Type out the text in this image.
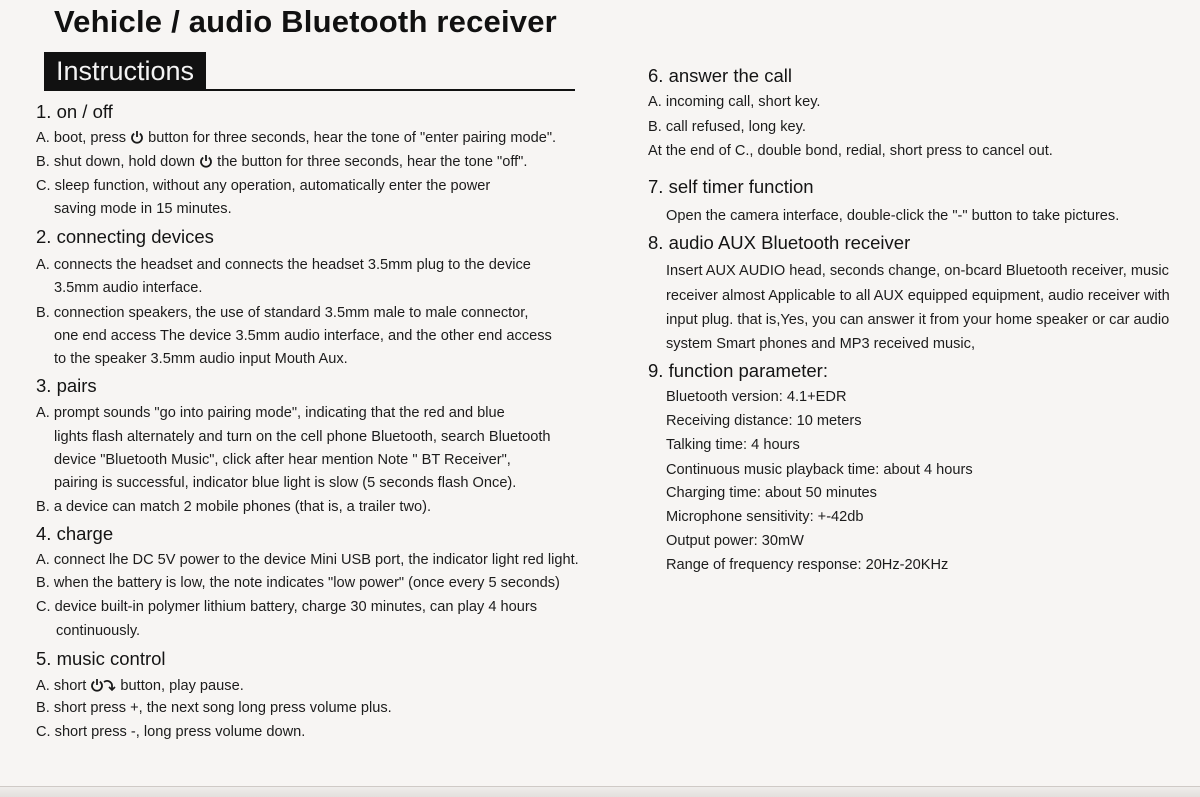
Vehicle / audio Bluetooth receiver
Instructions
1. on / off
A. boot, press button for three seconds, hear the tone of "enter pairing mode".
B. shut down, hold down the button for three seconds, hear the tone "off".
C. sleep function, without any operation, automatically enter the power
saving mode in 15 minutes.
2. connecting devices
A. connects the headset and connects the headset 3.5mm plug to the device
3.5mm audio interface.
B. connection speakers, the use of standard 3.5mm male to male connector,
one end access The device 3.5mm audio interface, and the other end access
to the speaker 3.5mm audio input Mouth Aux.
3. pairs
A. prompt sounds "go into pairing mode", indicating that the red and blue
lights flash alternately and turn on the cell phone Bluetooth, search Bluetooth
device "Bluetooth Music", click after hear mention Note " BT Receiver",
pairing is successful, indicator blue light is slow (5 seconds flash Once).
B. a device can match 2 mobile phones (that is, a trailer two).
4. charge
A. connect lhe DC 5V power to the device Mini USB port, the indicator light red light.
B. when the battery is low, the note indicates "low power" (once every 5 seconds)
C. device built-in polymer lithium battery, charge 30 minutes, can play 4 hours
continuously.
5. music control
A. short button, play pause.
B. short press +, the next song long press volume plus.
C. short press -, long press volume down.
6. answer the call
A. incoming call, short key.
B. call refused, long key.
At the end of C., double bond, redial, short press to cancel out.
7. self timer function
Open the camera interface, double-click the "-" button to take pictures.
8. audio AUX Bluetooth receiver
Insert AUX AUDIO head, seconds change, on-bcard Bluetooth receiver, music
receiver almost Applicable to all AUX equipped equipment, audio receiver with
input plug. that is,Yes, you can answer it from your home speaker or car audio
system Smart phones and MP3 received music,
9. function parameter:
Bluetooth version: 4.1+EDR
Receiving distance: 10 meters
Talking time: 4 hours
Continuous music playback time: about 4 hours
Charging time: about 50 minutes
Microphone sensitivity: +-42db
Output power: 30mW
Range of frequency response: 20Hz-20KHz
